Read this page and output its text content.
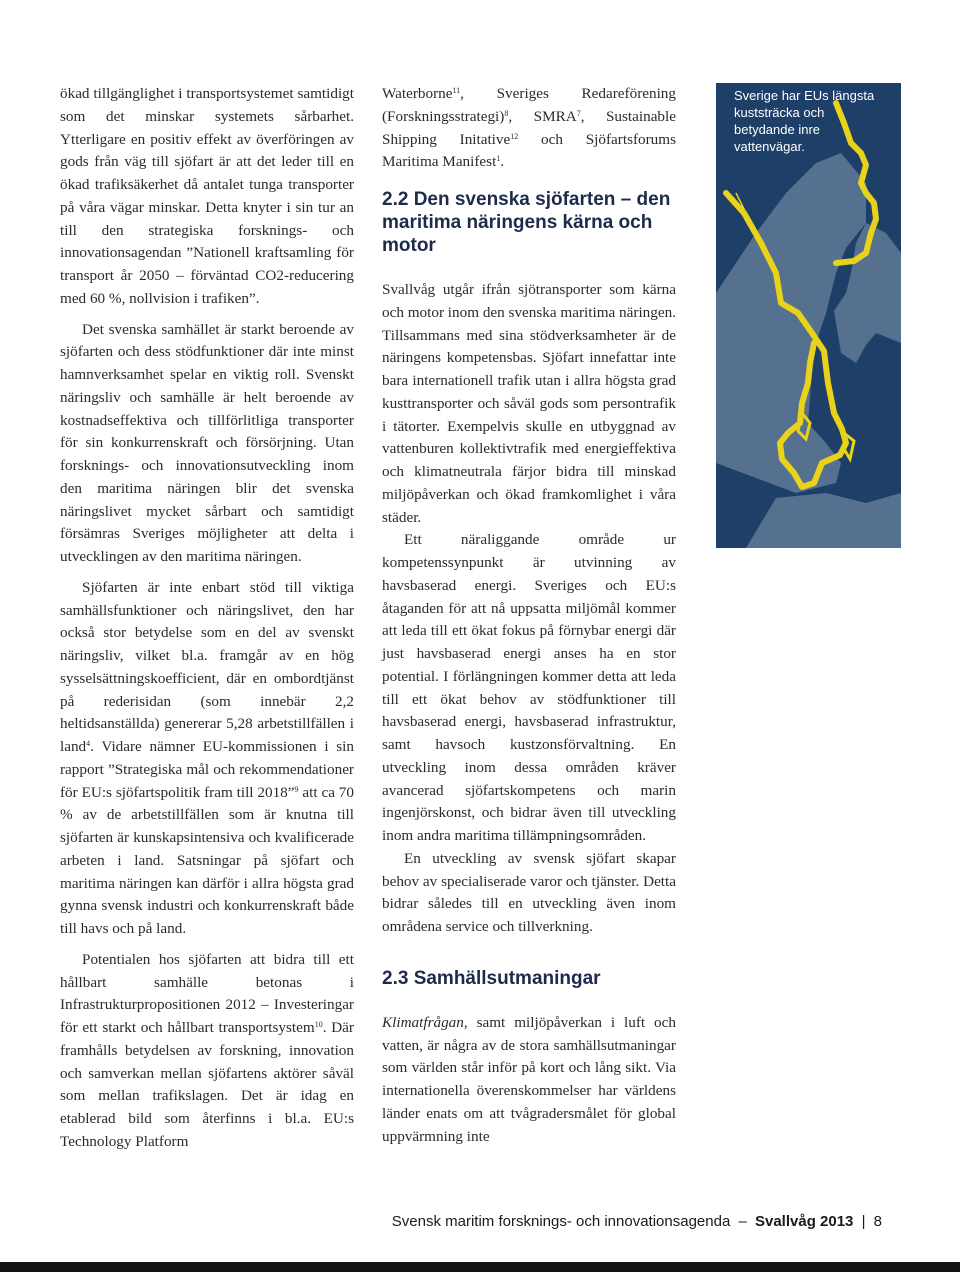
ökad tillgänglighet i transportsystemet samtidigt som det minskar systemets sårbarhet. Ytterligare en positiv effekt av överföringen av gods från väg till sjöfart är att det leder till en ökad trafiksäkerhet då antalet tunga transporter på våra vägar minskar. Detta knyter i sin tur an till den strategiska forsknings- och innovationsagendan ”Nationell kraftsamling för transport år 2050 – förväntad CO2-reducering med 60 %, nollvision i trafiken”.

Det svenska samhället är starkt beroende av sjöfarten och dess stödfunktioner där inte minst hamnverksamhet spelar en viktig roll. Svenskt näringsliv och samhälle är helt beroende av kostnadseffektiva och tillförlitliga transporter för sin konkurrenskraft och försörjning. Utan forsknings- och innovationsutveckling inom den maritima näringen blir det svenska näringslivet mycket sårbart och samtidigt försämras Sveriges möjligheter att delta i utvecklingen av den maritima näringen.

Sjöfarten är inte enbart stöd till viktiga samhällsfunktioner och näringslivet, den har också stor betydelse som en del av svenskt näringsliv, vilket bl.a. framgår av en hög sysselsättningskoefficient, där en ombordtjänst på rederisidan (som innebär 2,2 heltidsanställda) genererar 5,28 arbetstillfällen i land$^4$. Vidare nämner EU-kommissionen i sin rapport ”Strategiska mål och rekommendationer för EU:s sjöfartspolitik fram till 2018”$^9$ att ca 70 % av de arbetstillfällen som är knutna till sjöfarten är kunskapsintensiva och kvalificerade arbeten i land. Satsningar på sjöfart och maritima näringen kan därför i allra högsta grad gynna svensk industri och konkurrenskraft både till havs och på land.

Potentialen hos sjöfarten att bidra till ett hållbart samhälle betonas i Infrastrukturpropositionen 2012 – Investeringar för ett starkt och hållbart transportsystem$^{10}$. Där framhålls betydelsen av forskning, innovation och samverkan mellan sjöfartens aktörer såväl som mellan trafikslagen. Det är idag en etablerad bild som återfinns i bl.a. EU:s Technology Platform

Waterborne$^{11}$, Sveriges Redareförening (Forskningsstrategi)$^8$, SMRA$^7$, Sustainable Shipping Initative$^{12}$ och Sjöfartsforums Maritima Manifest$^1$.

2.2 Den svenska sjöfarten – den maritima näringens kärna och motor

Svallvåg utgår ifrån sjötransporter som kärna och motor inom den svenska maritima näringen. Tillsammans med sina stödverksamheter är de näringens kompetensbas. Sjöfart innefattar inte bara internationell trafik utan i allra högsta grad kusttransporter och såväl gods som persontrafik i tätorter. Exempelvis skulle en utbyggnad av vattenburen kollektivtrafik med energieffektiva och klimatneutrala färjor bidra till minskad miljöpåverkan och ökad framkomlighet i våra städer.

Ett näraliggande område ur kompetenssynpunkt är utvinning av havsbaserad energi. Sveriges och EU:s åtaganden för att nå uppsatta miljömål kommer att leda till ett ökat fokus på förnybar energi där just havsbaserad energi anses ha en stor potential. I förlängningen kommer detta att leda till ett ökat behov av stödfunktioner till havsbaserad energi, havsbaserad infrastruktur, samt havsoch kustzonsförvaltning. En utveckling inom dessa områden kräver avancerad sjöfartskompetens och marin ingenjörskonst, och bidrar även till utveckling inom andra maritima tillämpningsområden.

En utveckling av svensk sjöfart skapar behov av specialiserade varor och tjänster. Detta bidrar således till en utveckling även inom områdena service och tillverkning.

2.3 Samhällsutmaningar

Klimatfrågan, samt miljöpåverkan i luft och vatten, är några av de stora samhällsutmaningar som världen står inför på kort och lång sikt. Via internationella överenskommelser har världens länder enats om att tvågradersmålet för global uppvärmning inte

Sverige har EUs längsta kuststräcka och betydande inre vattenvägar.
Svensk maritim forsknings- och innovationsagenda – Svallvåg 2013 | 8
